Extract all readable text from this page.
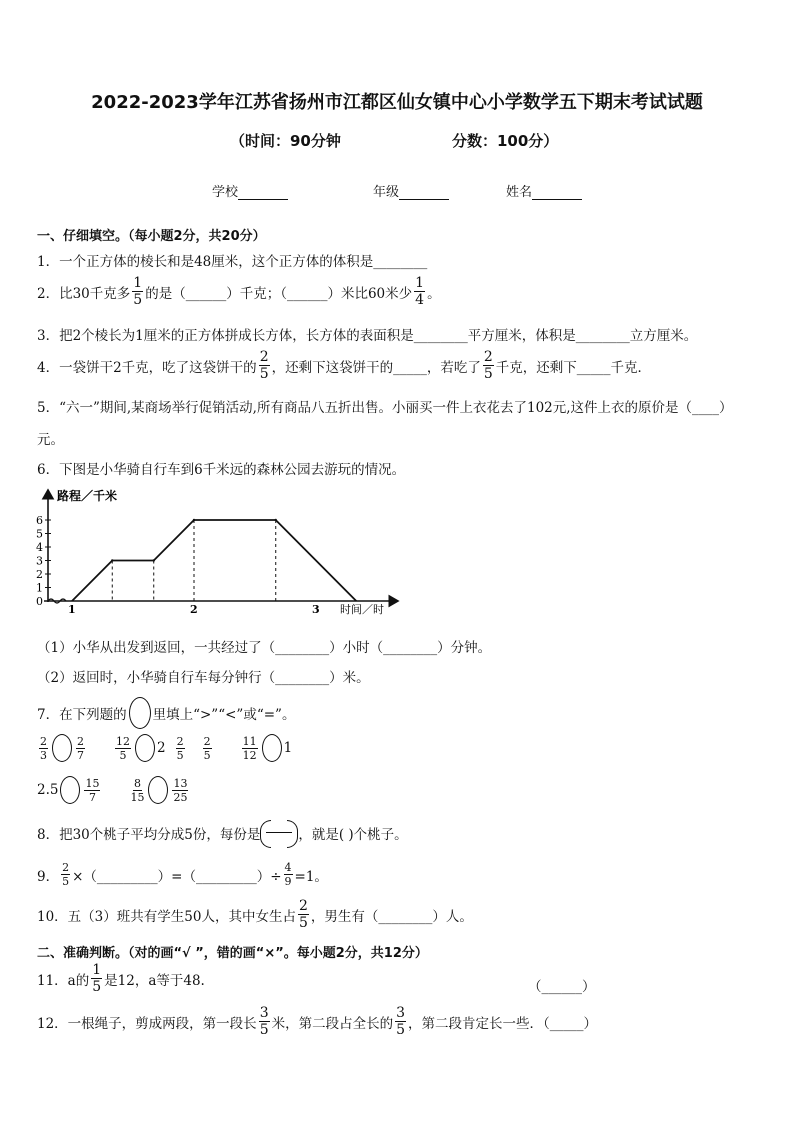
2022-2023学年江苏省扬州市江都区仙女镇中心小学数学五下期末考试试题
（时间：90分钟	分数：100分）
学校	年级	姓名
一、仔细填空。（每小题2分，共20分）
1．一个正方体的棱长和是48厘米，这个正方体的体积是________
2．比30千克多 $\frac{1}{5}$ 的是（______）千克；（______）米比60米少 $\frac{1}{4}$ 。
3．把2个棱长为1厘米的正方体拼成长方体，长方体的表面积是________平方厘米，体积是________立方厘米。
4．一袋饼干2千克，吃了这袋饼干的 $\frac{2}{5}$ ，还剩下这袋饼干的_____，若吃了 $\frac{2}{5}$ 千克，还剩下_____千克．
5．“六一”期间,某商场举行促销活动,所有商品八五折出售。小丽买一件上衣花去了102元,这件上衣的原价是（____）
元。
6．下图是小华骑自行车到6千米远的森林公园去游玩的情况。
路程／千米
时间／时
0
1
2
3
4
5
6
1	2	3
（1）小华从出发到返回，一共经过了（________）小时（________）分钟。
（2）返回时，小华骑自行车每分钟行（________）米。
7．在下列题的 里填上“>”“<”或“=”。
$\frac{2}{3}$	$\frac{2}{7}$	$\frac{12}{5} 2 \frac{2}{5} \frac{2}{5}$	$\frac{11}{12} 1$
$2.5 \frac{15}{7}$	$\frac{8}{15}$	$\frac{13}{25}$
8．把30个桃子平均分成5份，每份是	，就是( )个桃子。
9． $\frac{2}{5}$ ×（_________）=（_________）÷ $\frac{4}{9} =1$。
10．五（3）班共有学生50人，其中女生占 $\frac{2}{5}$ ，男生有（________）人。
二、准确判断。（对的画“√ ”，错的画“×”。每小题2分，共12分）
11．a的 $\frac{1}{5}$ 是12，a等于48.	（______）
12．一根绳子，剪成两段，第一段长 $\frac{3}{5}$ 米，第二段占全长的 $\frac{3}{5}$ ，第二段肯定长一些．（_____）
